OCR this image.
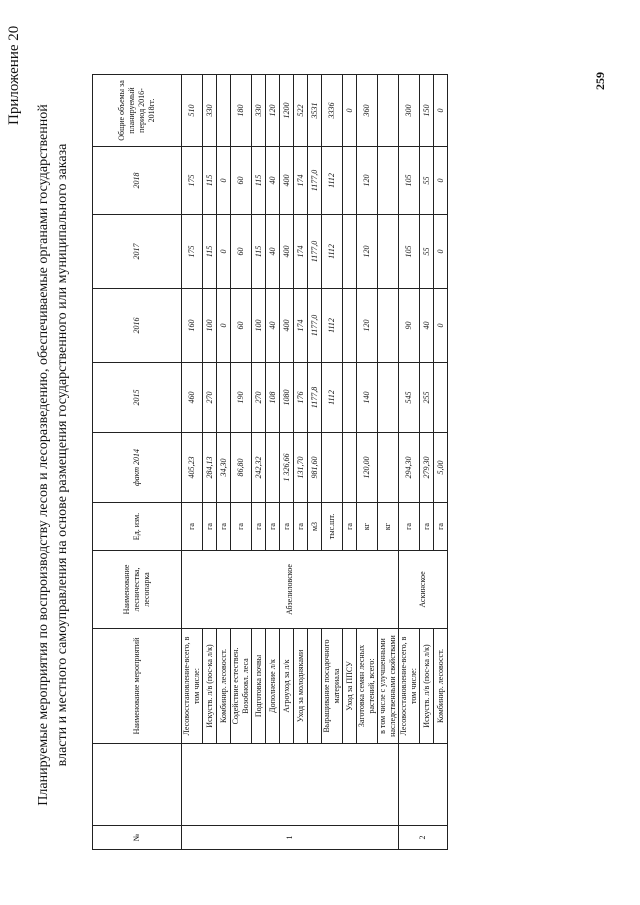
259
Приложение 20
Планируемые мероприятия по воспроизводству лесов и лесоразведению, обеспечиваемые органами государственной власти и местного самоуправления на основе размещения государственного или муниципального заказа
№		Наименование мероприятий	Наименование лесничества, лесопарка	Ед. изм.	факт 2014	2015	2016	2017	2018	Общие объемы за планируемый период 2016-2018гг.
1		Лесовосстановление-всего, в том числе:	Абзелиловское	га	405,23	460	160	175	175	510
		Искуств. л/в (пос-ка л/к)		га	284,13	270	100	115	115	330
		Комбинир. лесовосст.		га	34,30		0	0	0	
		Содействие естествен. Возобновл. леса		га	86,80	190	60	60	60	180
		Подготовка почвы		га	242,32	270	100	115	115	330
		Дополнение л/к		га		108	40	40	40	120
		Агроуход за л/к		га	1 326,66	1080	400	400	400	1200
		Уход за молодняками		га	131,70	176	174	174	174	522
				м3	981,60	1177,8	1177,0	1177,0	1177,0	3531
		Выращивание посадочного материала		тыс.шт.		1112	1112	1112	1112	3336
		Уход за ППСУ		га						0
		Заготовка семян лесных растений, всего:		кг	120,00	140	120	120	120	360
		в том числе с улучшенными наследственными свойствами		кг						
2		Лесовосстановление-всего, в том числе:	Аскинское	га	294,30	545	90	105	105	300
		Искуств. л/в (пос-ка л/к)		га	279,30	255	40	55	55	150
		Комбинир. лесовосст.		га	5,00		0	0	0	0
